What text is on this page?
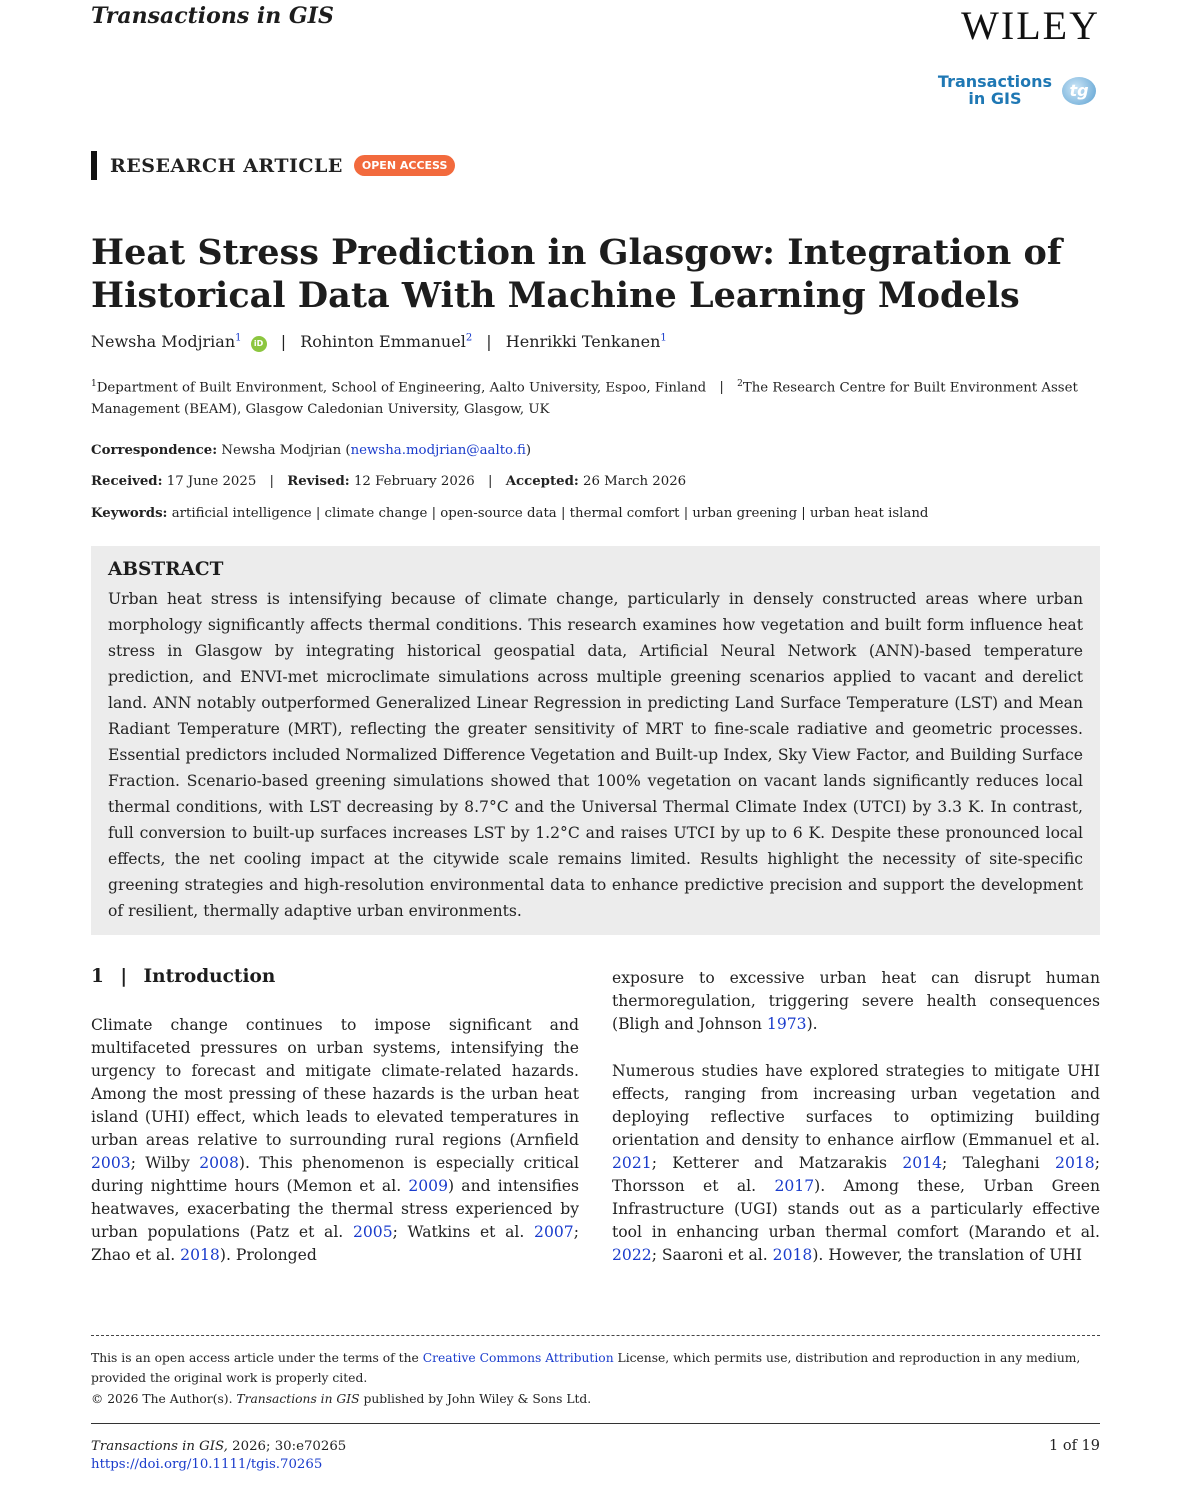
Transactions in GIS	WILEY
Transactions
in GIS	tg
RESEARCH ARTICLE	OPEN ACCESS
Heat Stress Prediction in Glasgow: Integration of Historical Data With Machine Learning Models
Newsha Modjrian$^1$ iD | Rohinton Emmanuel$^2$ | Henrikki Tenkanen$^1$
$^1$Department of Built Environment, School of Engineering, Aalto University, Espoo, Finland | $^2$The Research Centre for Built Environment Asset Management (BEAM), Glasgow Caledonian University, Glasgow, UK
Correspondence: Newsha Modjrian (newsha.modjrian@aalto.fi)
Received: 17 June 2025 | Revised: 12 February 2026 | Accepted: 26 March 2026
Keywords: artificial intelligence | climate change | open-source data | thermal comfort | urban greening | urban heat island
ABSTRACT

Urban heat stress is intensifying because of climate change, particularly in densely constructed areas where urban morphology significantly affects thermal conditions. This research examines how vegetation and built form influence heat stress in Glasgow by integrating historical geospatial data, Artificial Neural Network (ANN)-based temperature prediction, and ENVI-met microclimate simulations across multiple greening scenarios applied to vacant and derelict land. ANN notably outperformed Generalized Linear Regression in predicting Land Surface Temperature (LST) and Mean Radiant Temperature (MRT), reflecting the greater sensitivity of MRT to fine-scale radiative and geometric processes. Essential predictors included Normalized Difference Vegetation and Built-up Index, Sky View Factor, and Building Surface Fraction. Scenario-based greening simulations showed that 100% vegetation on vacant lands significantly reduces local thermal conditions, with LST decreasing by 8.7°C and the Universal Thermal Climate Index (UTCI) by 3.3 K. In contrast, full conversion to built-up surfaces increases LST by 1.2°C and raises UTCI by up to 6 K. Despite these pronounced local effects, the net cooling impact at the citywide scale remains limited. Results highlight the necessity of site-specific greening strategies and high-resolution environmental data to enhance predictive precision and support the development of resilient, thermally adaptive urban environments.

1 | Introduction

Climate change continues to impose significant and multifaceted pressures on urban systems, intensifying the urgency to forecast and mitigate climate-related hazards. Among the most pressing of these hazards is the urban heat island (UHI) effect, which leads to elevated temperatures in urban areas relative to surrounding rural regions (Arnfield 2003; Wilby 2008). This phenomenon is especially critical during nighttime hours (Memon et al. 2009) and intensifies heatwaves, exacerbating the thermal stress experienced by urban populations (Patz et al. 2005; Watkins et al. 2007; Zhao et al. 2018). Prolonged

exposure to excessive urban heat can disrupt human thermoregulation, triggering severe health consequences (Bligh and Johnson 1973).

Numerous studies have explored strategies to mitigate UHI effects, ranging from increasing urban vegetation and deploying reflective surfaces to optimizing building orientation and density to enhance airflow (Emmanuel et al. 2021; Ketterer and Matzarakis 2014; Taleghani 2018; Thorsson et al. 2017). Among these, Urban Green Infrastructure (UGI) stands out as a particularly effective tool in enhancing urban thermal comfort (Marando et al. 2022; Saaroni et al. 2018). However, the translation of UHI

This is an open access article under the terms of the Creative Commons Attribution License, which permits use, distribution and reproduction in any medium, provided the original work is properly cited.
© 2026 The Author(s). Transactions in GIS published by John Wiley & Sons Ltd.
Transactions in GIS, 2026; 30:e70265
https://doi.org/10.1111/tgis.70265
1 of 19
